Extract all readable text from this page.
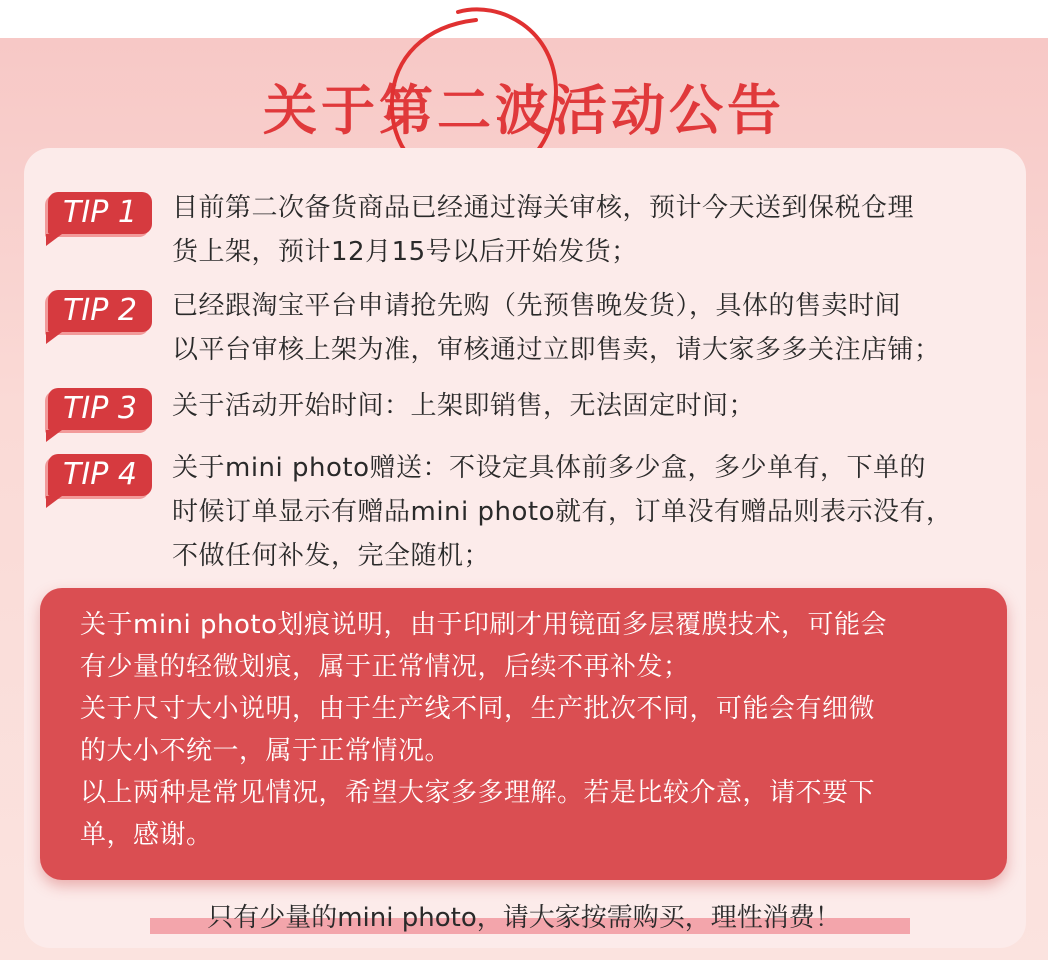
关于第二波活动公告
TIP 1	目前第二次备货商品已经通过海关审核，预计今天送到保税仓理
货上架，预计12月15号以后开始发货；
TIP 2	已经跟淘宝平台申请抢先购（先预售晚发货），具体的售卖时间
以平台审核上架为准，审核通过立即售卖，请大家多多关注店铺；
TIP 3	关于活动开始时间：上架即销售，无法固定时间；
TIP 4	关于mini photo赠送：不设定具体前多少盒，多少单有，下单的
时候订单显示有赠品mini photo就有，订单没有赠品则表示没有，
不做任何补发，完全随机；
关于mini photo划痕说明，由于印刷才用镜面多层覆膜技术，可能会
有少量的轻微划痕，属于正常情况，后续不再补发；
关于尺寸大小说明，由于生产线不同，生产批次不同，可能会有细微
的大小不统一，属于正常情况。
以上两种是常见情况，希望大家多多理解。若是比较介意，请不要下
单，感谢。
只有少量的mini photo，请大家按需购买，理性消费！
